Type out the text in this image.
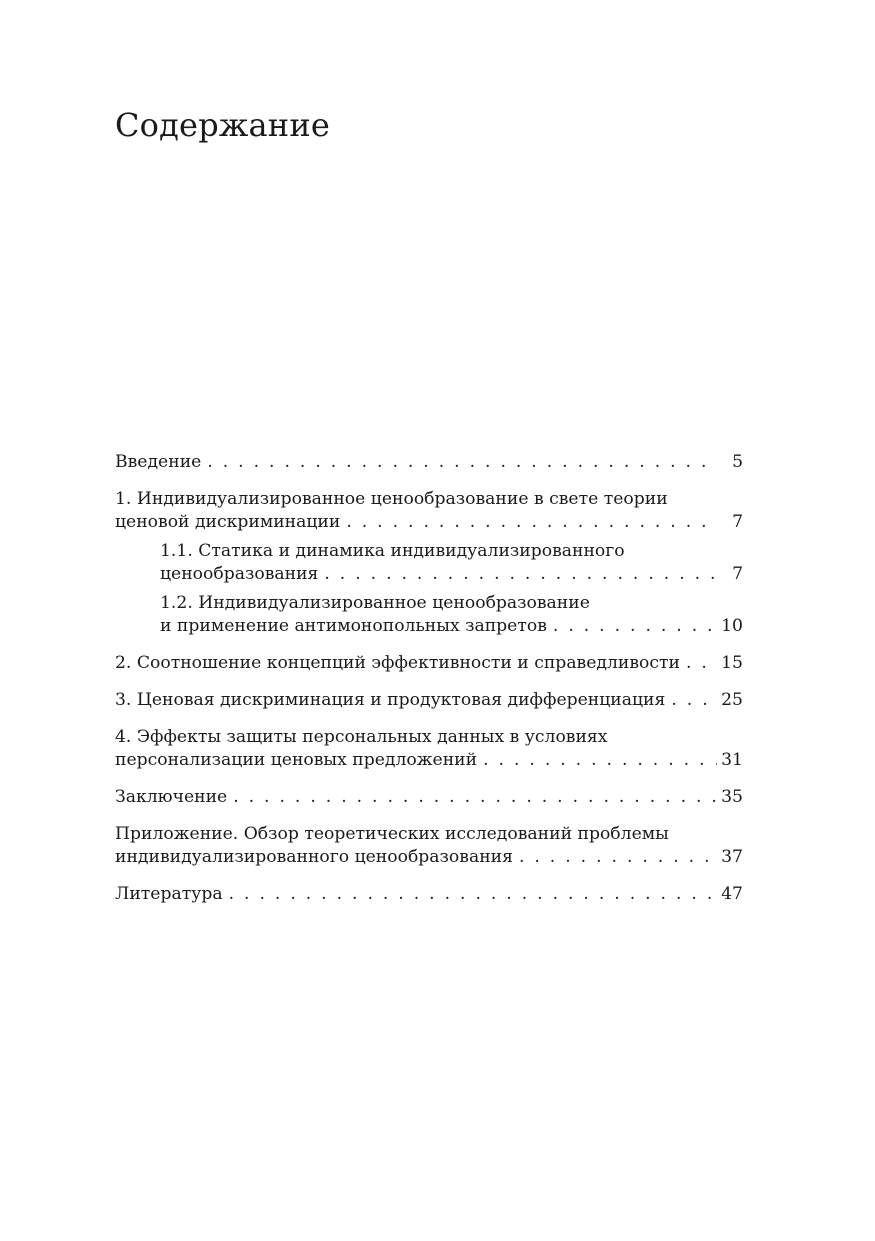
Содержание
Введение . . .	5
1. Индивидуализированное ценообразование в свете теории
ценовой дискриминации . . .	7
1.1. Статика и динамика индивидуализированного
ценообразования . . .	7
1.2. Индивидуализированное ценообразование
и применение антимонопольных запретов . . .	10
2. Соотношение концепций эффективности и справедливости . . . 15
3. Ценовая дискриминация и продуктовая дифференциация . . .	25
4. Эффекты защиты персональных данных в условиях
персонализации ценовых предложений . . .	31
Заключение . . .	35
Приложение. Обзор теоретических исследований проблемы
индивидуализированного ценообразования . . .	37
Литература . . .	47
